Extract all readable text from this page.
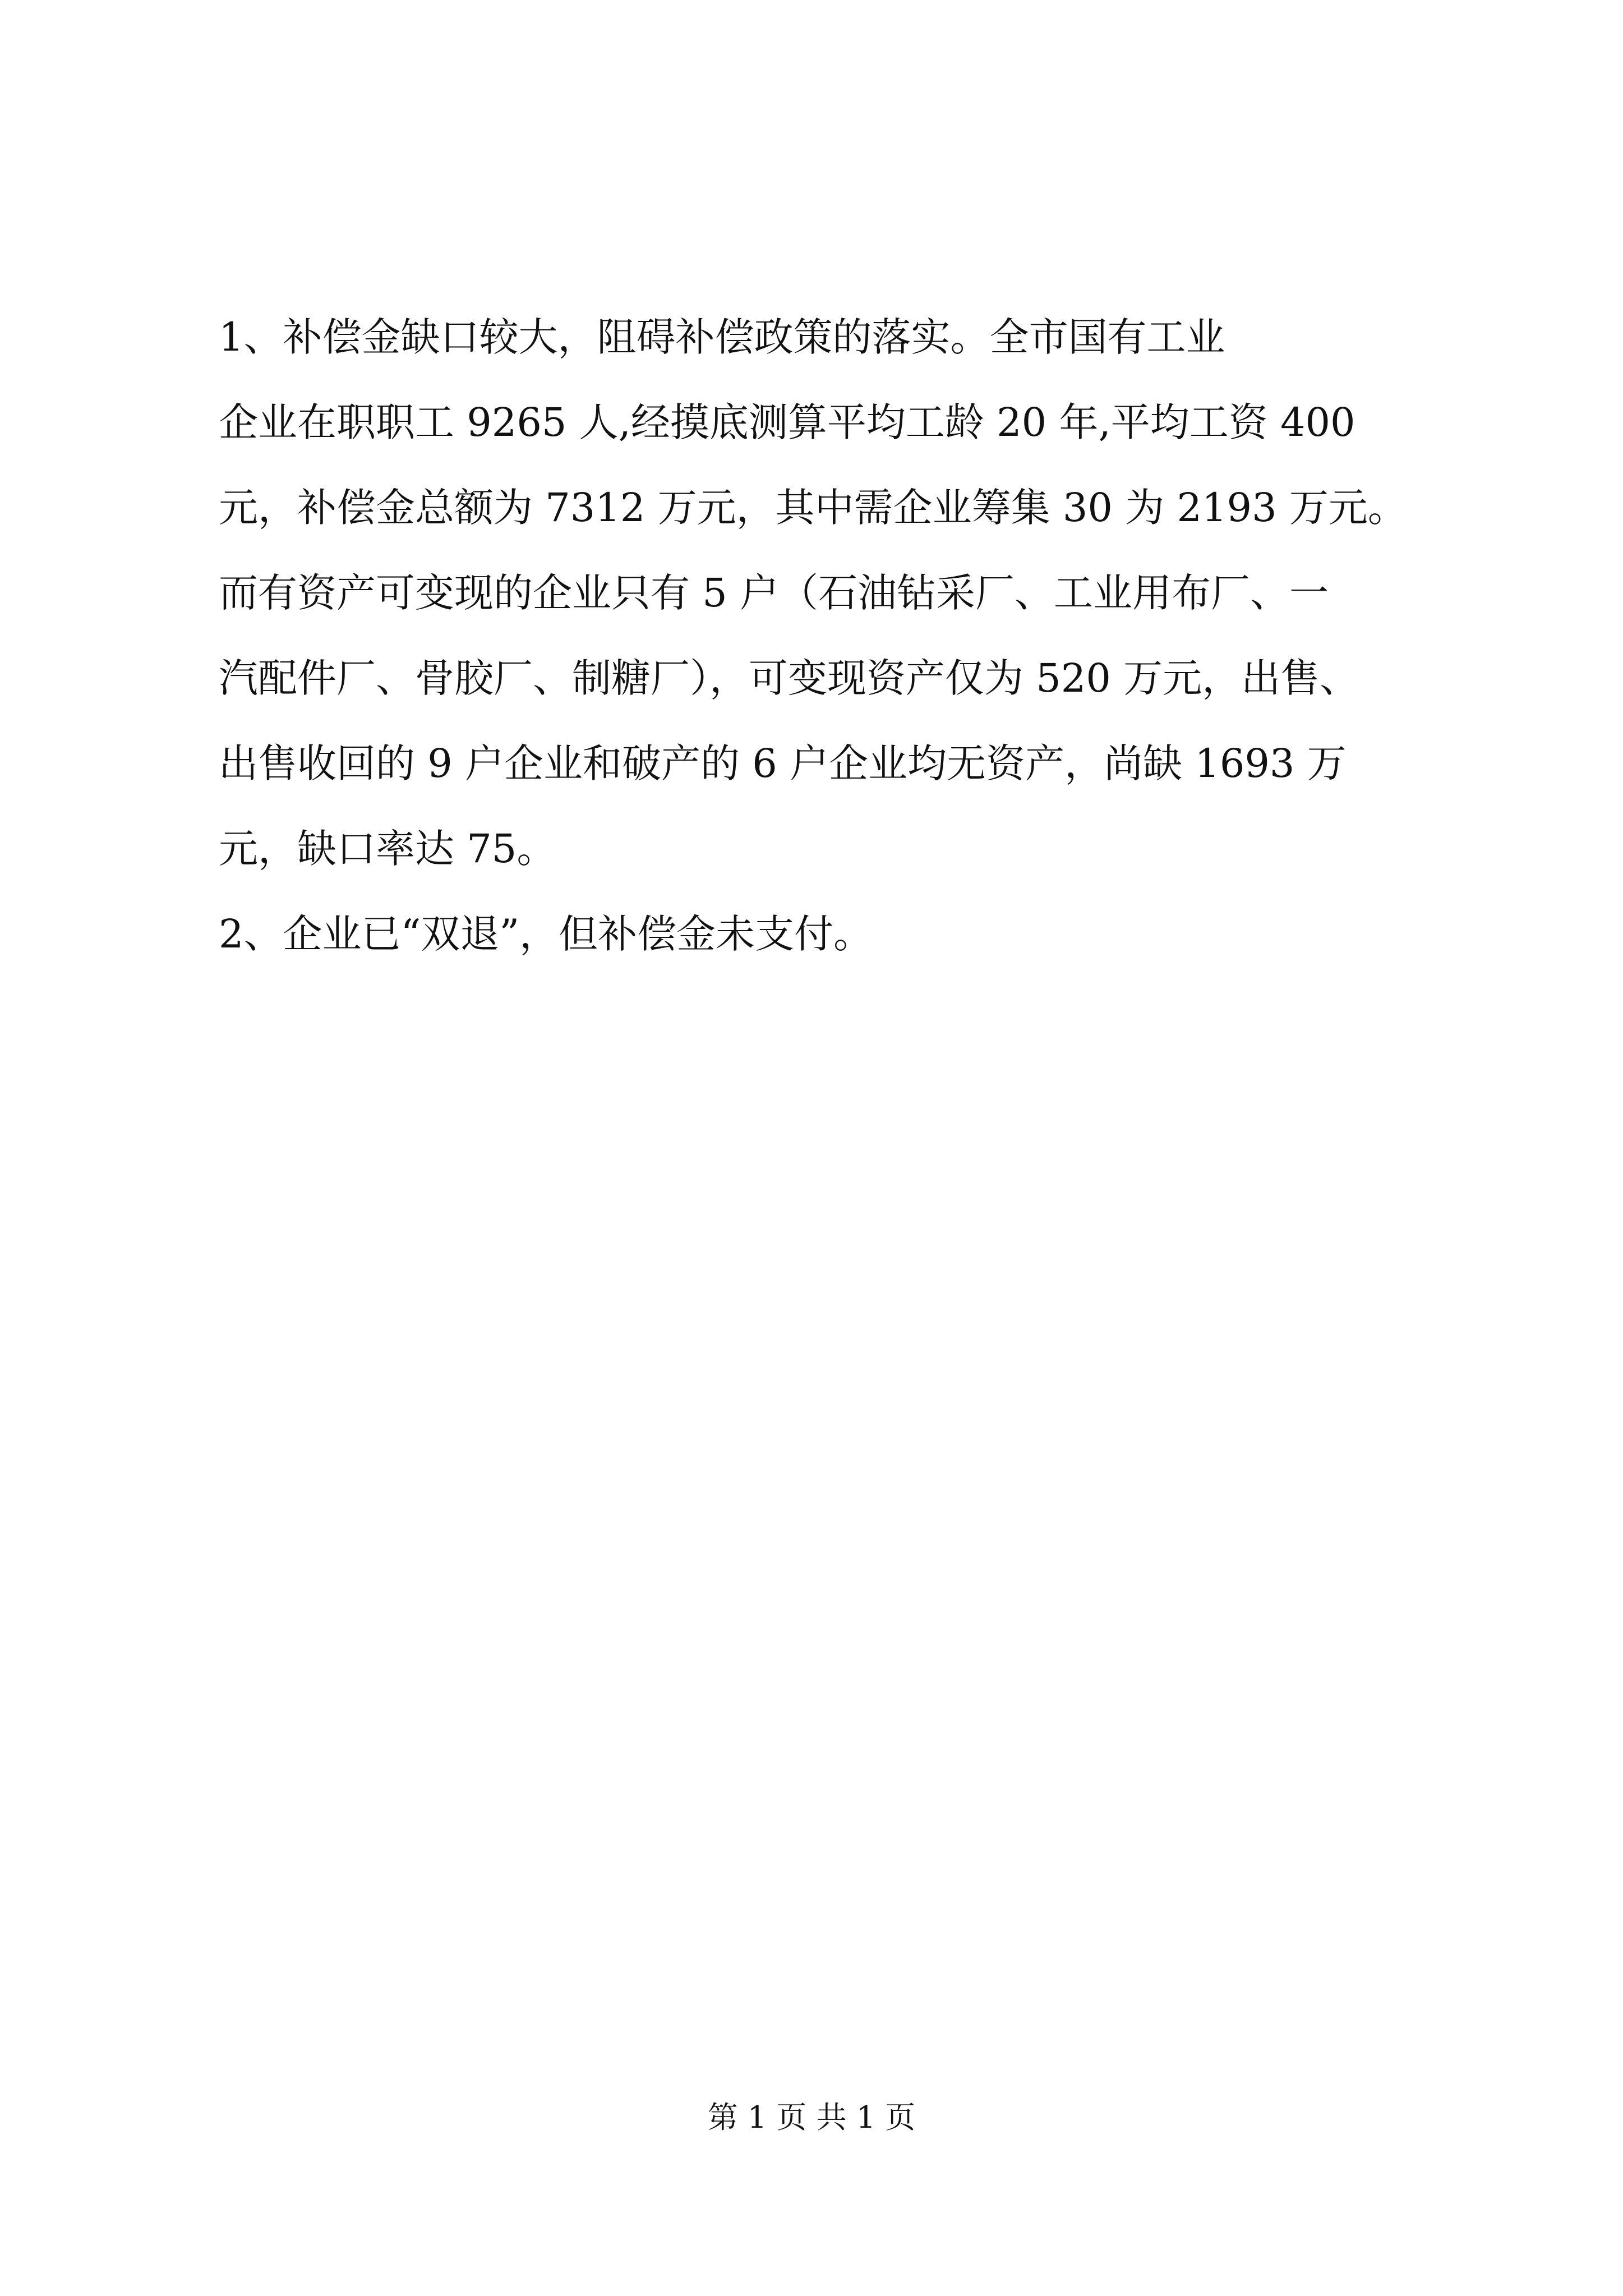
1、补偿金缺口较大，阻碍补偿政策的落实。全市国有工业
企业在职职工 9265 人,经摸底测算平均工龄 20 年,平均工资 400
元，补偿金总额为 7312 万元，其中需企业筹集 30 为 2193 万元。
而有资产可变现的企业只有 5 户（石油钻采厂、工业用布厂、一
汽配件厂、骨胶厂、制糖厂），可变现资产仅为 520 万元，出售、
出售收回的 9 户企业和破产的 6 户企业均无资产，尚缺 1693 万
元，缺口率达 75。
2、企业已“双退”，但补偿金未支付。
第 1 页 共 1 页
